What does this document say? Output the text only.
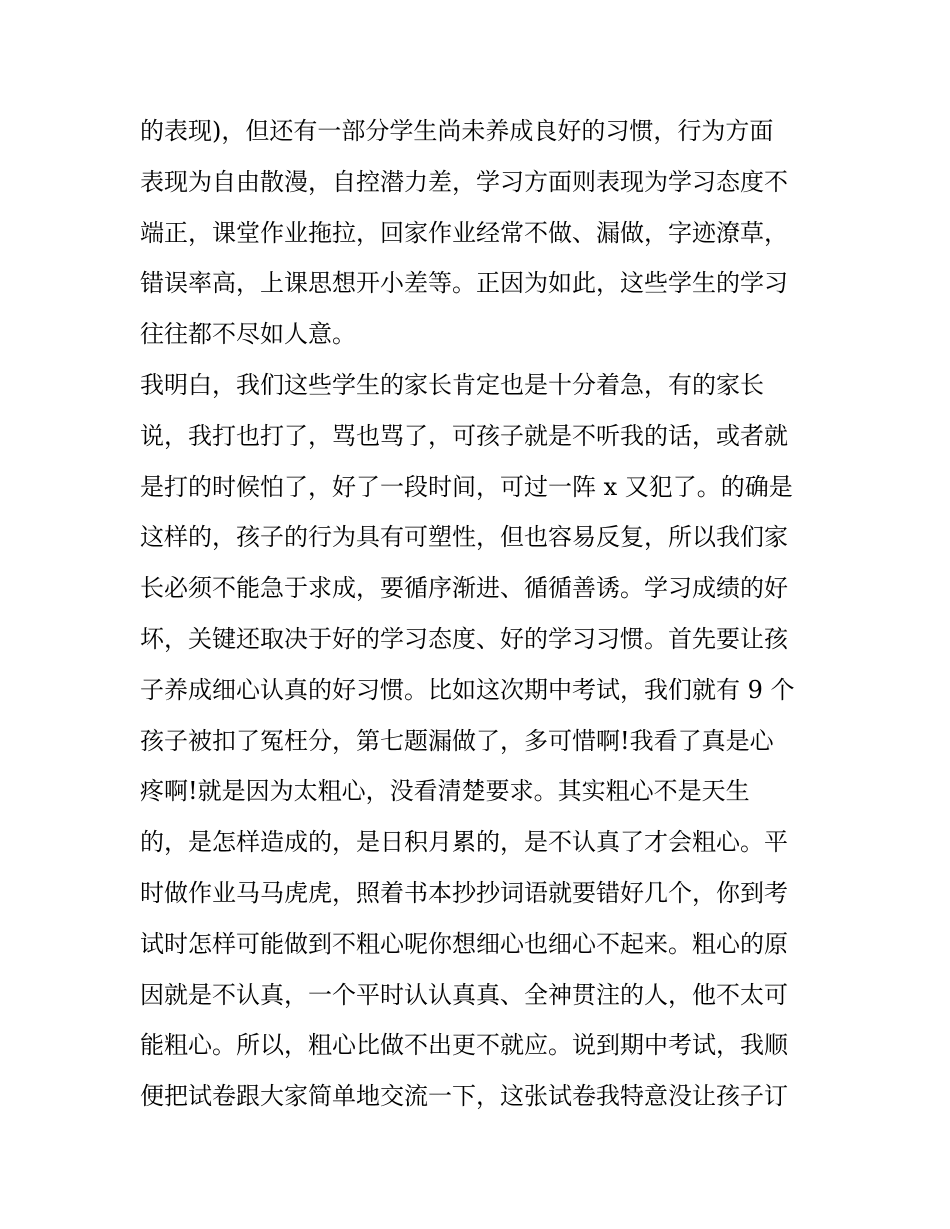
的表现)，但还有一部分学生尚未养成良好的习惯，行为方面
表现为自由散漫，自控潜力差，学习方面则表现为学习态度不
端正，课堂作业拖拉，回家作业经常不做、漏做，字迹潦草，
错误率高，上课思想开小差等。正因为如此，这些学生的学习
往往都不尽如人意。
我明白，我们这些学生的家长肯定也是十分着急，有的家长
说，我打也打了，骂也骂了，可孩子就是不听我的话，或者就
是打的时候怕了，好了一段时间，可过一阵 x 又犯了。的确是
这样的，孩子的行为具有可塑性，但也容易反复，所以我们家
长必须不能急于求成，要循序渐进、循循善诱。学习成绩的好
坏，关键还取决于好的学习态度、好的学习习惯。首先要让孩
子养成细心认真的好习惯。比如这次期中考试，我们就有 9 个
孩子被扣了冤枉分，第七题漏做了，多可惜啊!我看了真是心
疼啊!就是因为太粗心，没看清楚要求。其实粗心不是天生
的，是怎样造成的，是日积月累的，是不认真了才会粗心。平
时做作业马马虎虎，照着书本抄抄词语就要错好几个，你到考
试时怎样可能做到不粗心呢你想细心也细心不起来。粗心的原
因就是不认真，一个平时认认真真、全神贯注的人，他不太可
能粗心。所以，粗心比做不出更不就应。说到期中考试，我顺
便把试卷跟大家简单地交流一下，这张试卷我特意没让孩子订
